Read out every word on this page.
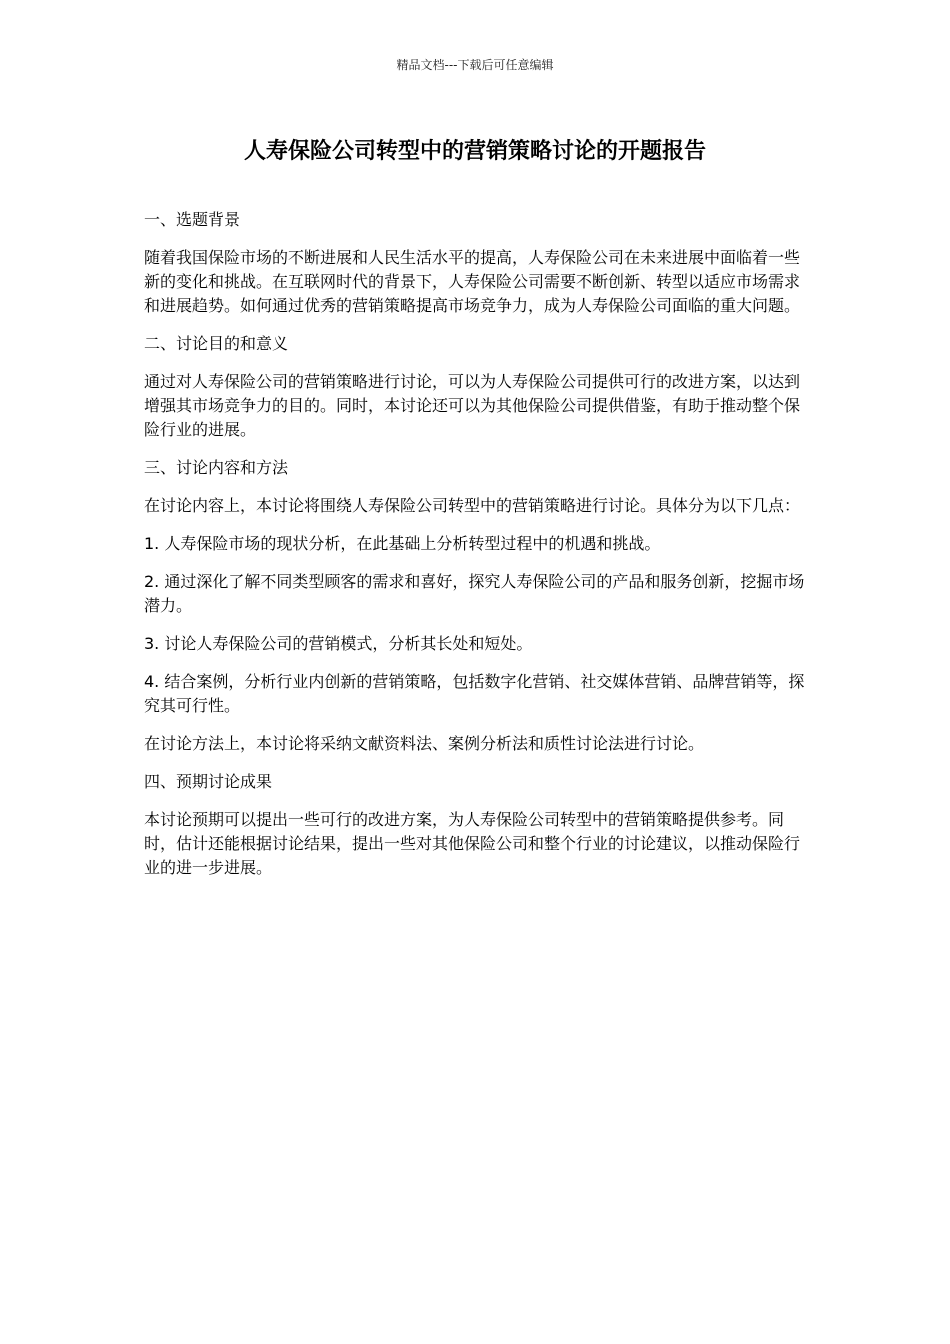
精品文档---下载后可任意编辑
人寿保险公司转型中的营销策略讨论的开题报告

一、选题背景

随着我国保险市场的不断进展和人民生活水平的提高，人寿保险公司在未来进展中面临着一些新的变化和挑战。在互联网时代的背景下，人寿保险公司需要不断创新、转型以适应市场需求和进展趋势。如何通过优秀的营销策略提高市场竞争力，成为人寿保险公司面临的重大问题。

二、讨论目的和意义

通过对人寿保险公司的营销策略进行讨论，可以为人寿保险公司提供可行的改进方案，以达到增强其市场竞争力的目的。同时，本讨论还可以为其他保险公司提供借鉴，有助于推动整个保险行业的进展。

三、讨论内容和方法

在讨论内容上，本讨论将围绕人寿保险公司转型中的营销策略进行讨论。具体分为以下几点：

1. 人寿保险市场的现状分析，在此基础上分析转型过程中的机遇和挑战。

2. 通过深化了解不同类型顾客的需求和喜好，探究人寿保险公司的产品和服务创新，挖掘市场潜力。

3. 讨论人寿保险公司的营销模式，分析其长处和短处。

4. 结合案例，分析行业内创新的营销策略，包括数字化营销、社交媒体营销、品牌营销等，探究其可行性。

在讨论方法上，本讨论将采纳文献资料法、案例分析法和质性讨论法进行讨论。

四、预期讨论成果

本讨论预期可以提出一些可行的改进方案，为人寿保险公司转型中的营销策略提供参考。同时，估计还能根据讨论结果，提出一些对其他保险公司和整个行业的讨论建议，以推动保险行业的进一步进展。
